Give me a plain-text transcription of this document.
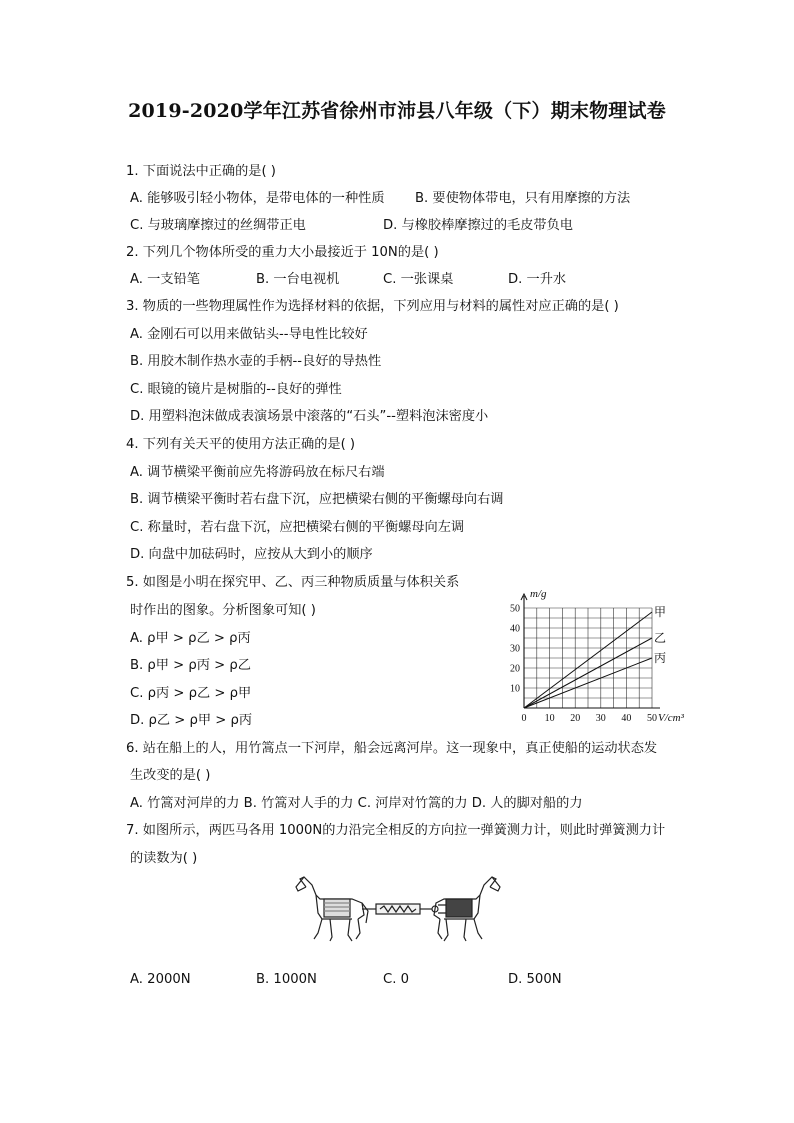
2019-2020学年江苏省徐州市沛县八年级（下）期末物理试卷
1. 下面说法中正确的是( )
A. 能够吸引轻小物体，是带电体的一种性质 B. 要使物体带电，只有用摩擦的方法
C. 与玻璃摩擦过的丝绸带正电	D. 与橡胶棒摩擦过的毛皮带负电
2. 下列几个物体所受的重力大小最接近于 10N的是( )
A. 一支铅笔	B. 一台电视机	C. 一张课桌	D. 一升水
3. 物质的一些物理属性作为选择材料的依据，下列应用与材料的属性对应正确的是( )
A. 金刚石可以用来做钻头--导电性比较好
B. 用胶木制作热水壶的手柄--良好的导热性
C. 眼镜的镜片是树脂的--良好的弹性
D. 用塑料泡沫做成表演场景中滚落的“石头”--塑料泡沫密度小
4. 下列有关天平的使用方法正确的是( )
A. 调节横梁平衡前应先将游码放在标尺右端
B. 调节横梁平衡时若右盘下沉，应把横梁右侧的平衡螺母向右调
C. 称量时，若右盘下沉，应把横梁右侧的平衡螺母向左调
D. 向盘中加砝码时，应按从大到小的顺序
5. 如图是小明在探究甲、乙、丙三种物质质量与体积关系
时作出的图象。分析图象可知( )
A. ρ甲 > ρ乙 > ρ丙
B. ρ甲 > ρ丙 > ρ乙
C. ρ丙 > ρ乙 > ρ甲
D. ρ乙 > ρ甲 > ρ丙	0 10 20 30 40 50
10
20
30
40
50
m/g
V/cm³
甲
乙
丙
6. 站在船上的人，用竹篙点一下河岸，船会远离河岸。这一现象中，真正使船的运动状态发
生改变的是( )
A. 竹篙对河岸的力 B. 竹篙对人手的力 C. 河岸对竹篙的力 D. 人的脚对船的力
7. 如图所示，两匹马各用 1000N的力沿完全相反的方向拉一弹簧测力计，则此时弹簧测力计
的读数为( )
A. 2000N	B. 1000N	C. 0	D. 500N
